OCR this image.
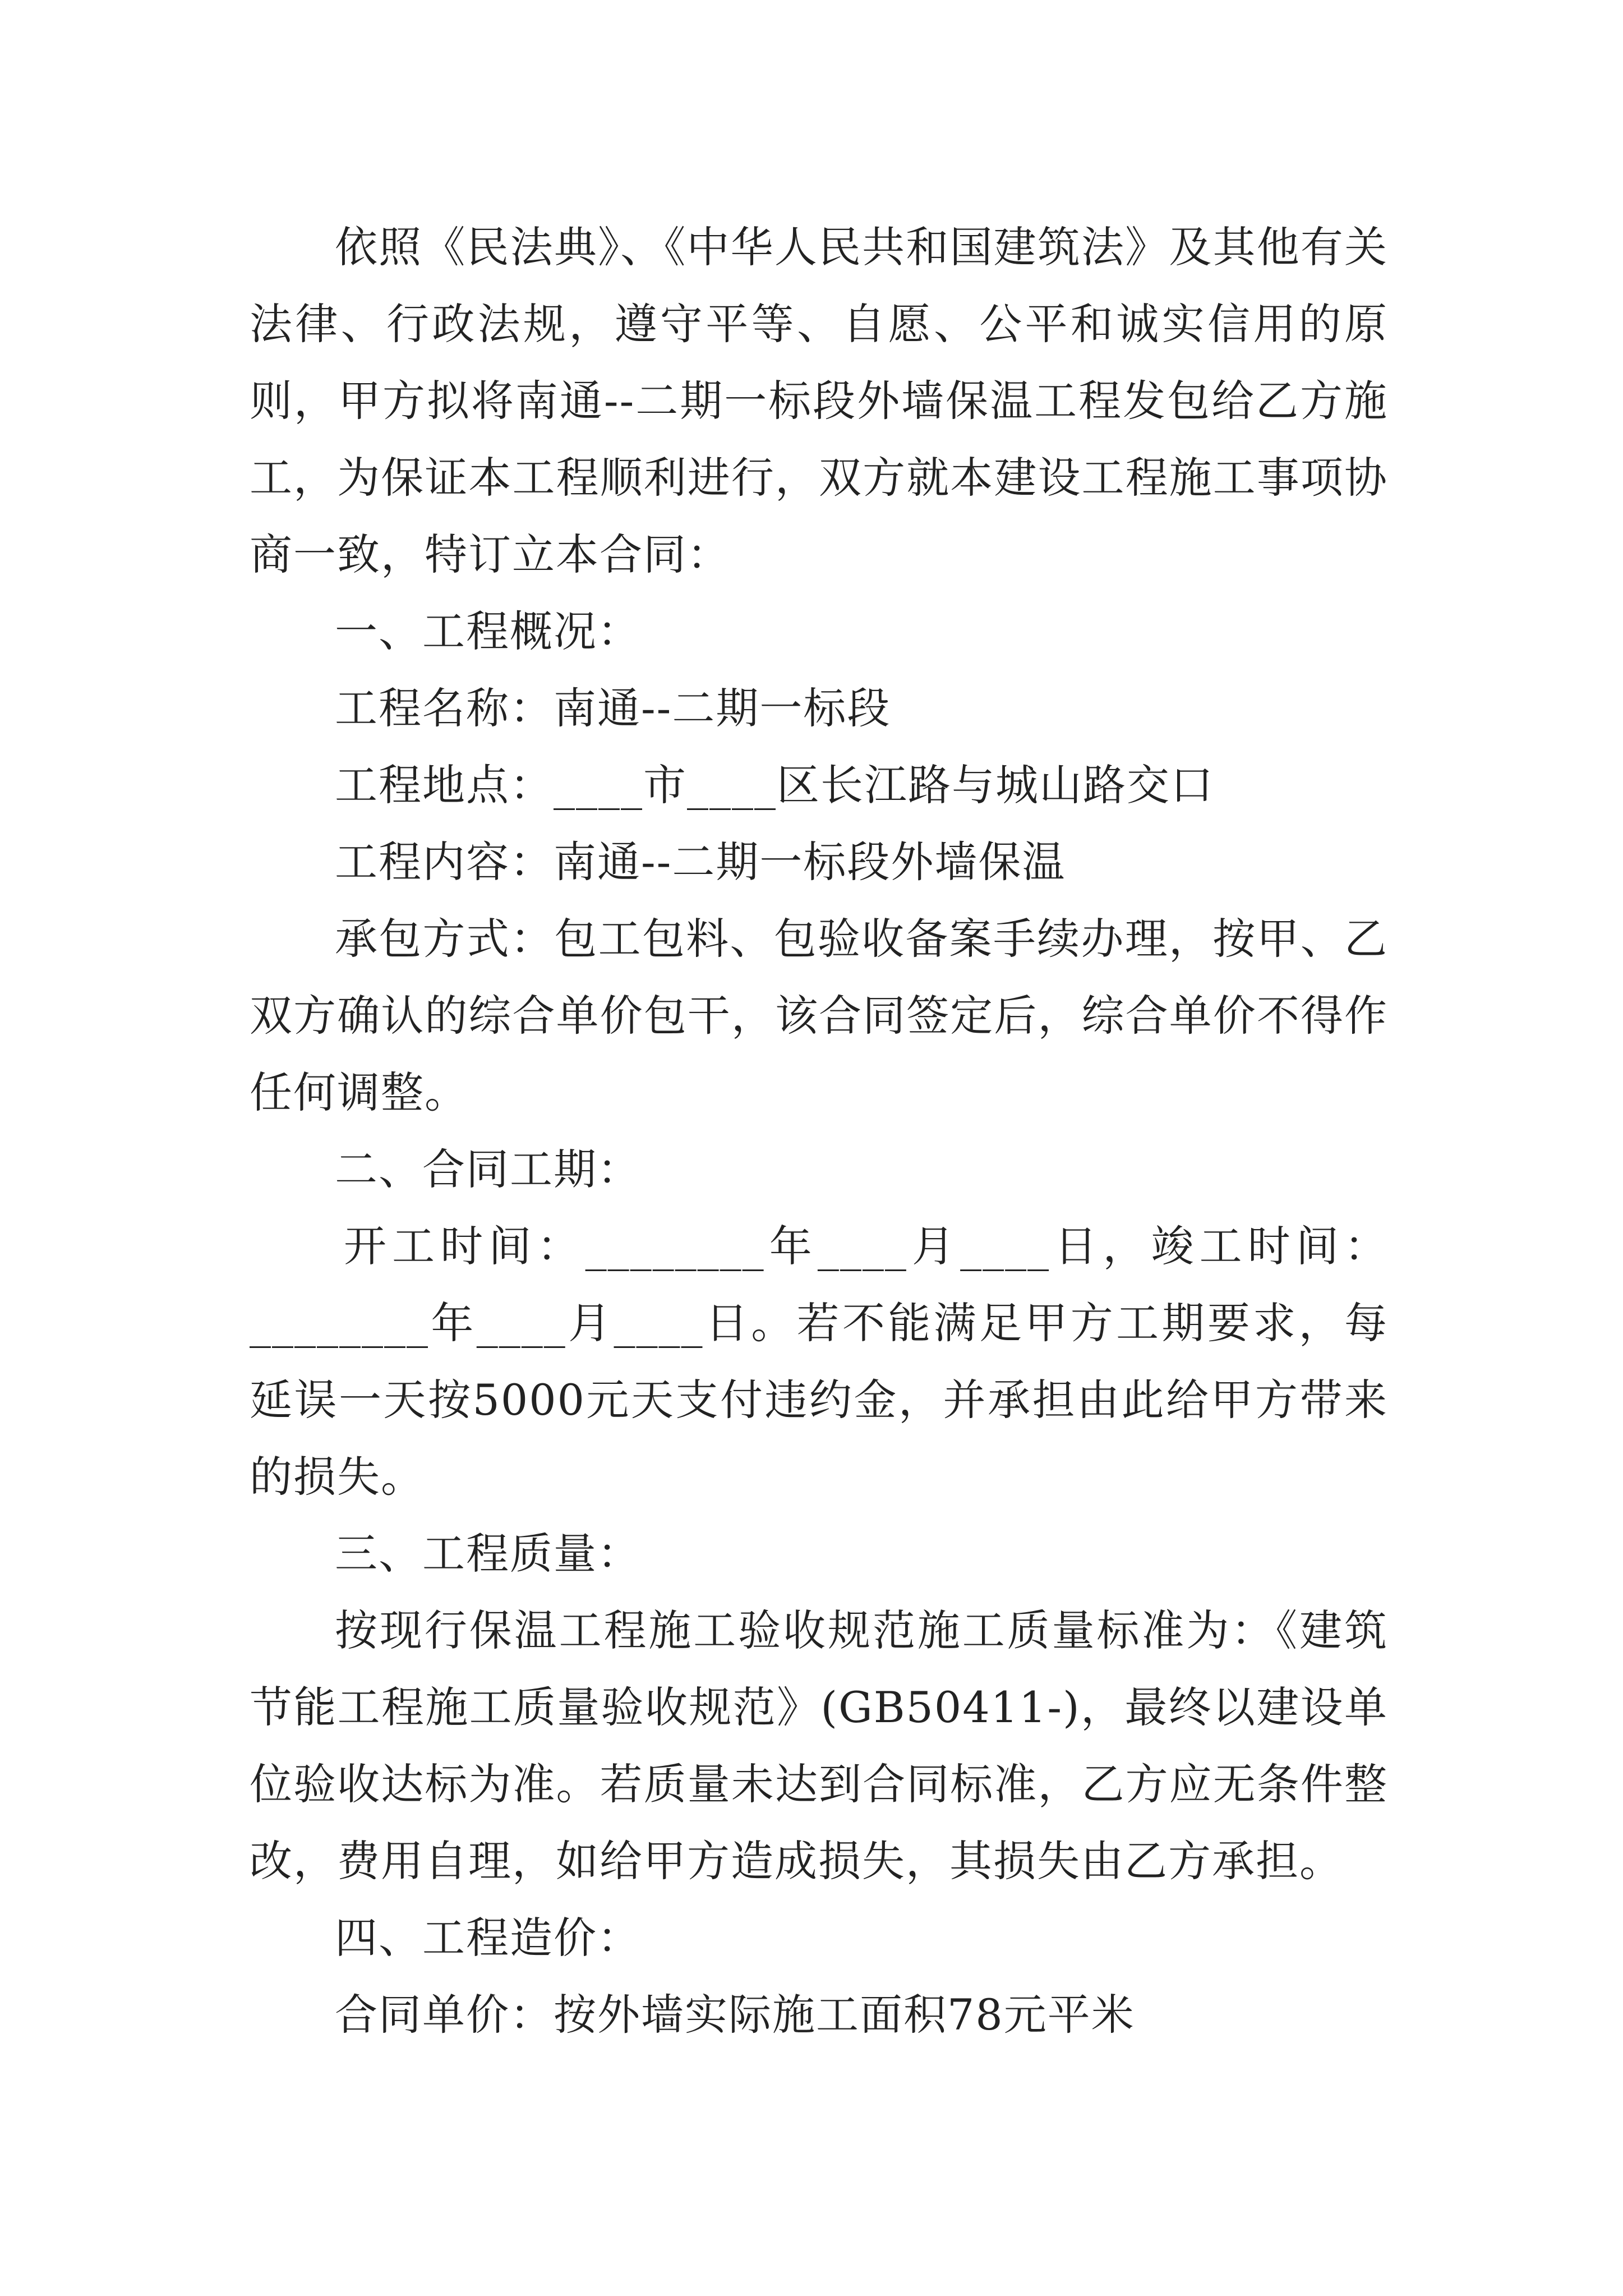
依照《民法典》、《中华人民共和国建筑法》及其他有关法律、行政法规，遵守平等、自愿、公平和诚实信用的原则，甲方拟将南通--二期一标段外墙保温工程发包给乙方施工，为保证本工程顺利进行，双方就本建设工程施工事项协商一致，特订立本合同：

一、工程概况：

工程名称：南通--二期一标段

工程地点：____市____区长江路与城山路交口

工程内容：南通--二期一标段外墙保温

承包方式：包工包料、包验收备案手续办理，按甲、乙双方确认的综合单价包干，该合同签定后，综合单价不得作任何调整。

二、合同工期：

开工时间：________年____月____日，竣工时间：________年____月____日。若不能满足甲方工期要求，每延误一天按5000元天支付违约金，并承担由此给甲方带来的损失。

三、工程质量：

按现行保温工程施工验收规范施工质量标准为：《建筑节能工程施工质量验收规范》(GB50411-)，最终以建设单位验收达标为准。若质量未达到合同标准，乙方应无条件整改，费用自理，如给甲方造成损失，其损失由乙方承担。

四、工程造价：

合同单价：按外墙实际施工面积78元平米
